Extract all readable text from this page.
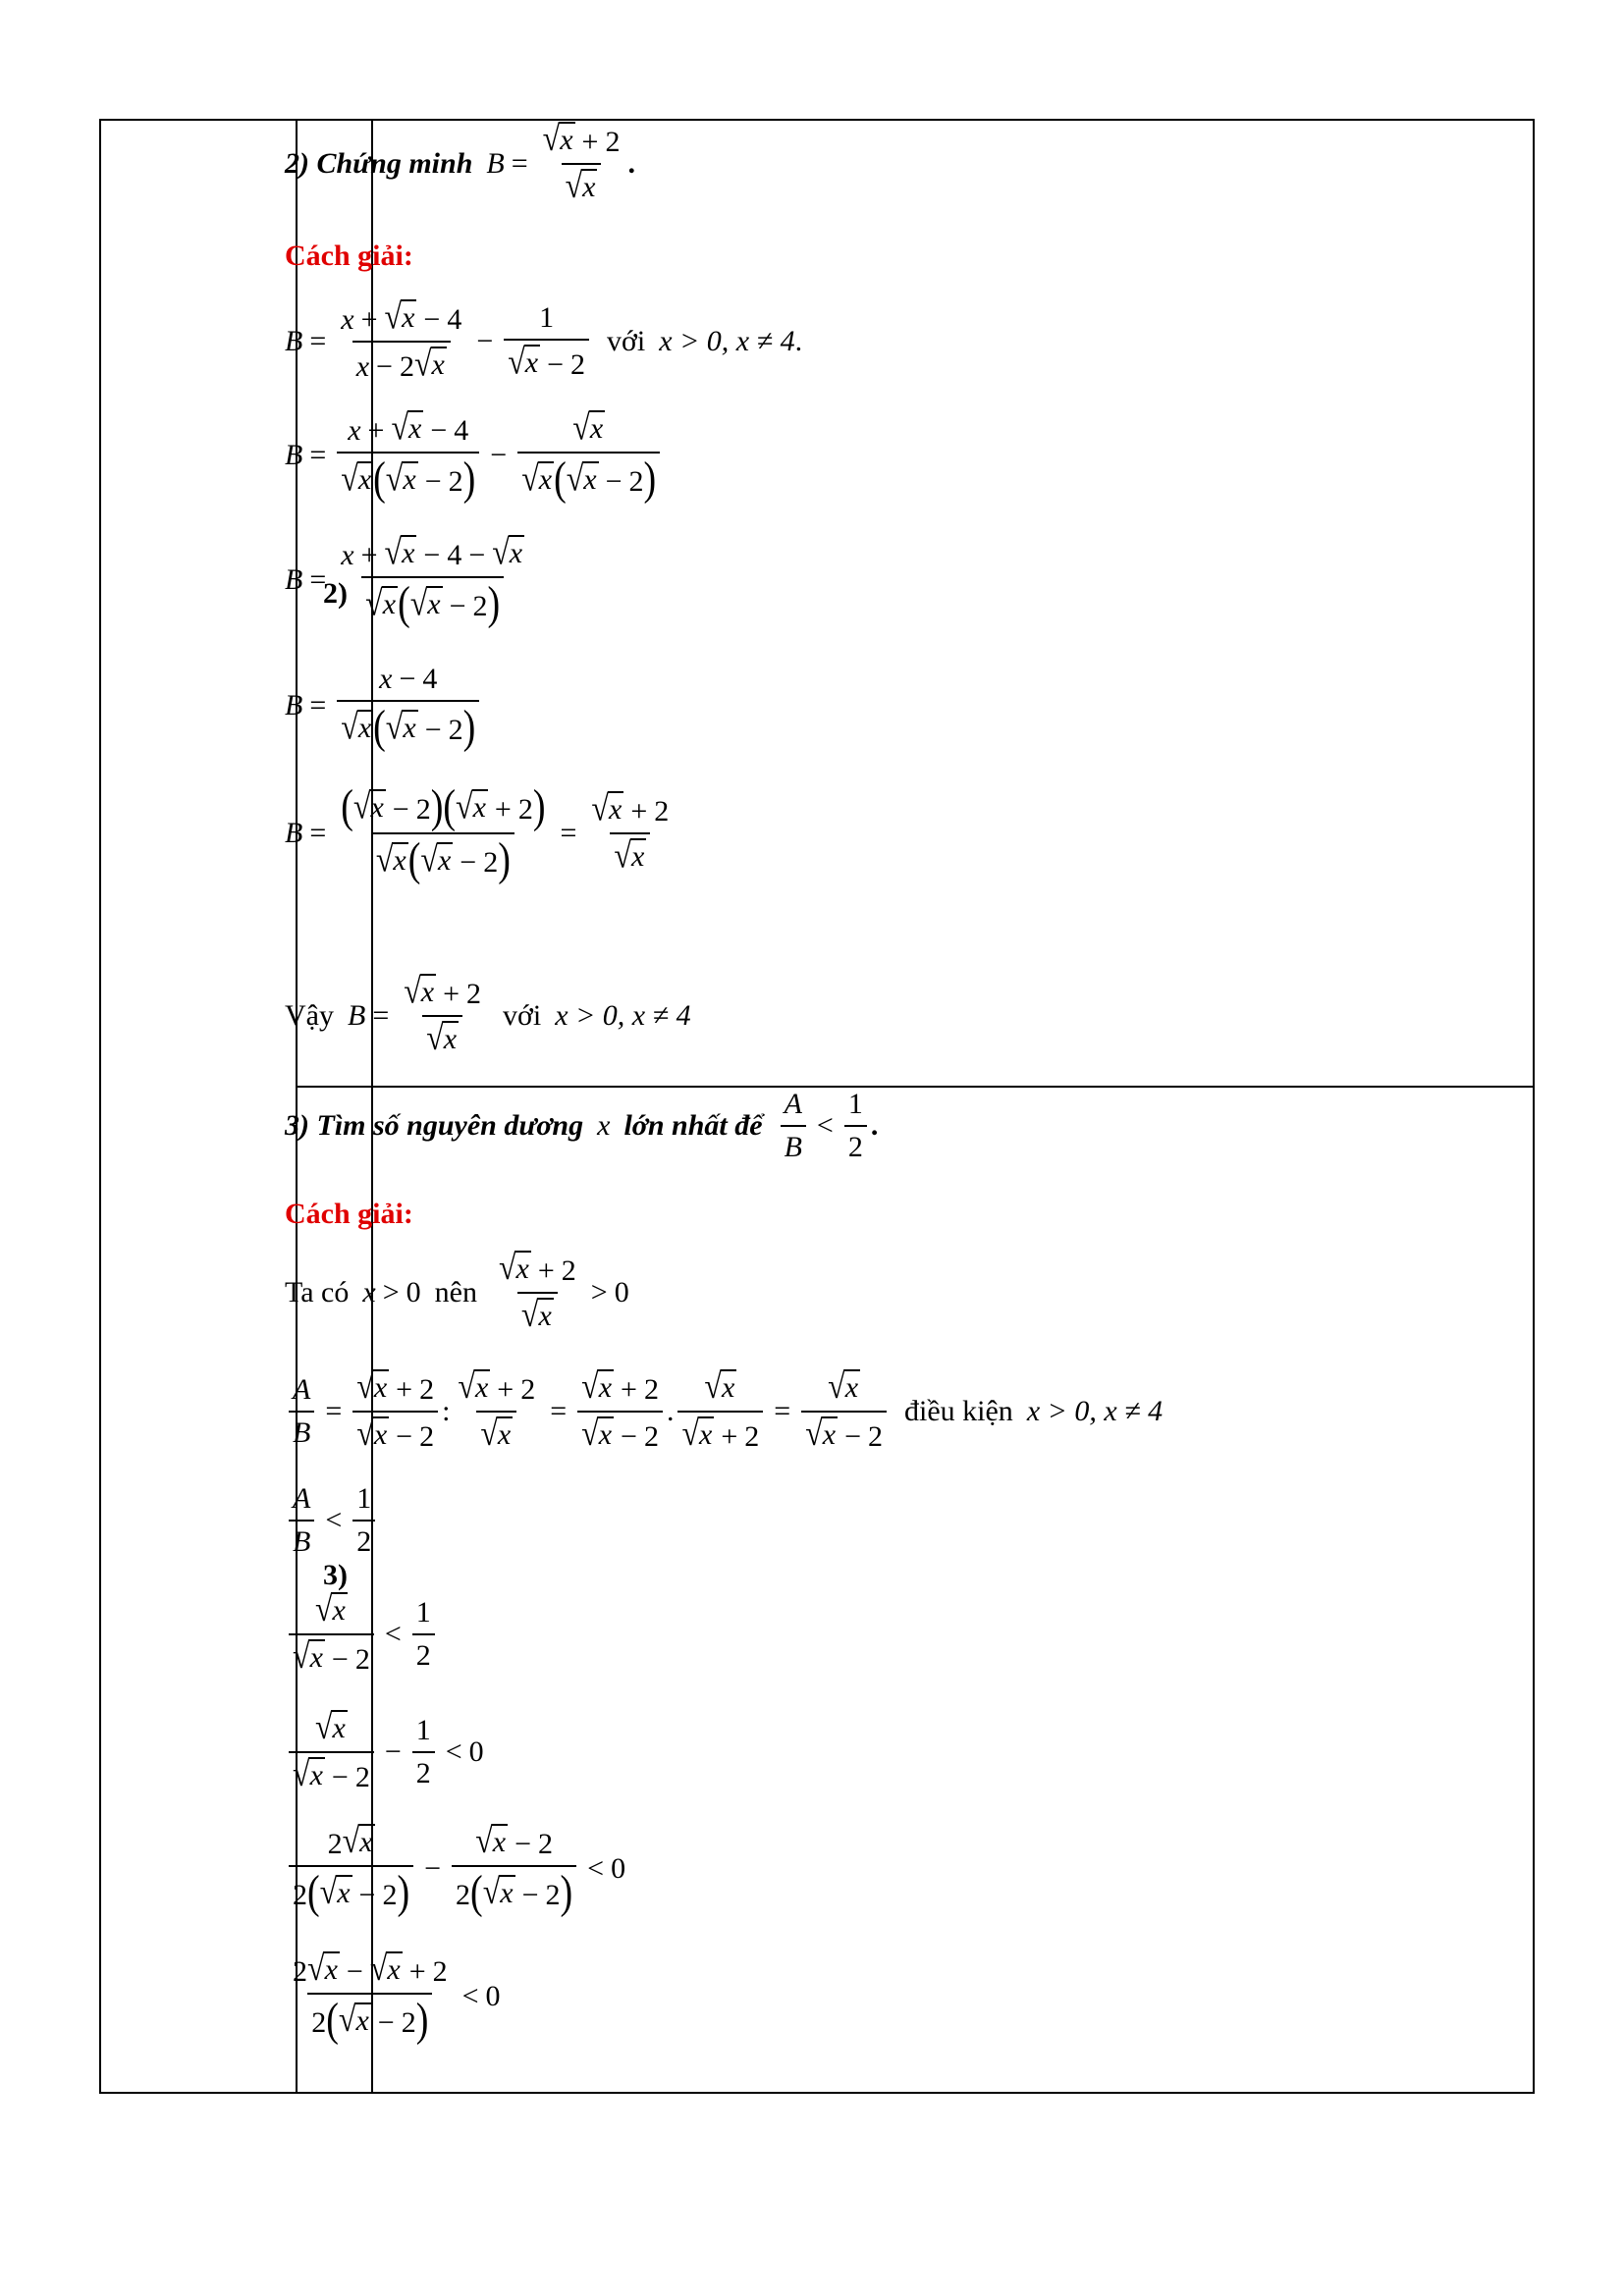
2)
3)
2) Chứng minh $B = \frac{√ x + 2}{√ x}$ .
Cách giải:
$B = \frac{x + √ x - 4}{x - 2 √ x} - \frac{1}{√ x - 2}$ với x > 0, x ≠ 4 .
$B = \frac{x + √ x - 4}{√ x ( √ x - 2)} - \frac{√ x}{√ x ( √ x - 2)}$
$B = \frac{x + √ x - 4 - √ x}{√ x ( √ x - 2)}$
$B = \frac{x - 4}{√ x ( √ x - 2)}$
$B = \frac{( √ x - 2)( √ x + 2)}{√ x ( √ x - 2)} = \frac{√ x + 2}{√ x}$
Vậy $B = \frac{√ x + 2}{√ x}$ với x > 0, x ≠ 4
3) Tìm số nguyên dương x lớn nhất để $\frac{A}{B} < \frac{1}{2}$ .
Cách giải:
Ta có x > 0 nên $\frac{√ x + 2}{√ x} > 0$
$\frac{A}{B} = \frac{√ x + 2}{√ x - 2}$ : $\frac{√ x + 2}{√ x} = \frac{√ x + 2}{√ x - 2}$ . $\frac{√ x}{√ x + 2} = \frac{√ x}{√ x - 2}$ điều kiện x > 0, x ≠ 4
$\frac{A}{B} < \frac{1}{2}$
$\frac{√ x}{√ x - 2} < \frac{1}{2}$
$\frac{√ x}{√ x - 2} - \frac{1}{2} < 0$
$\frac{2 √ x}{2( √ x - 2)} - \frac{√ x - 2}{2( √ x - 2)} < 0$
$\frac{2 √ x - √ x + 2}{2( √ x - 2)} < 0$
